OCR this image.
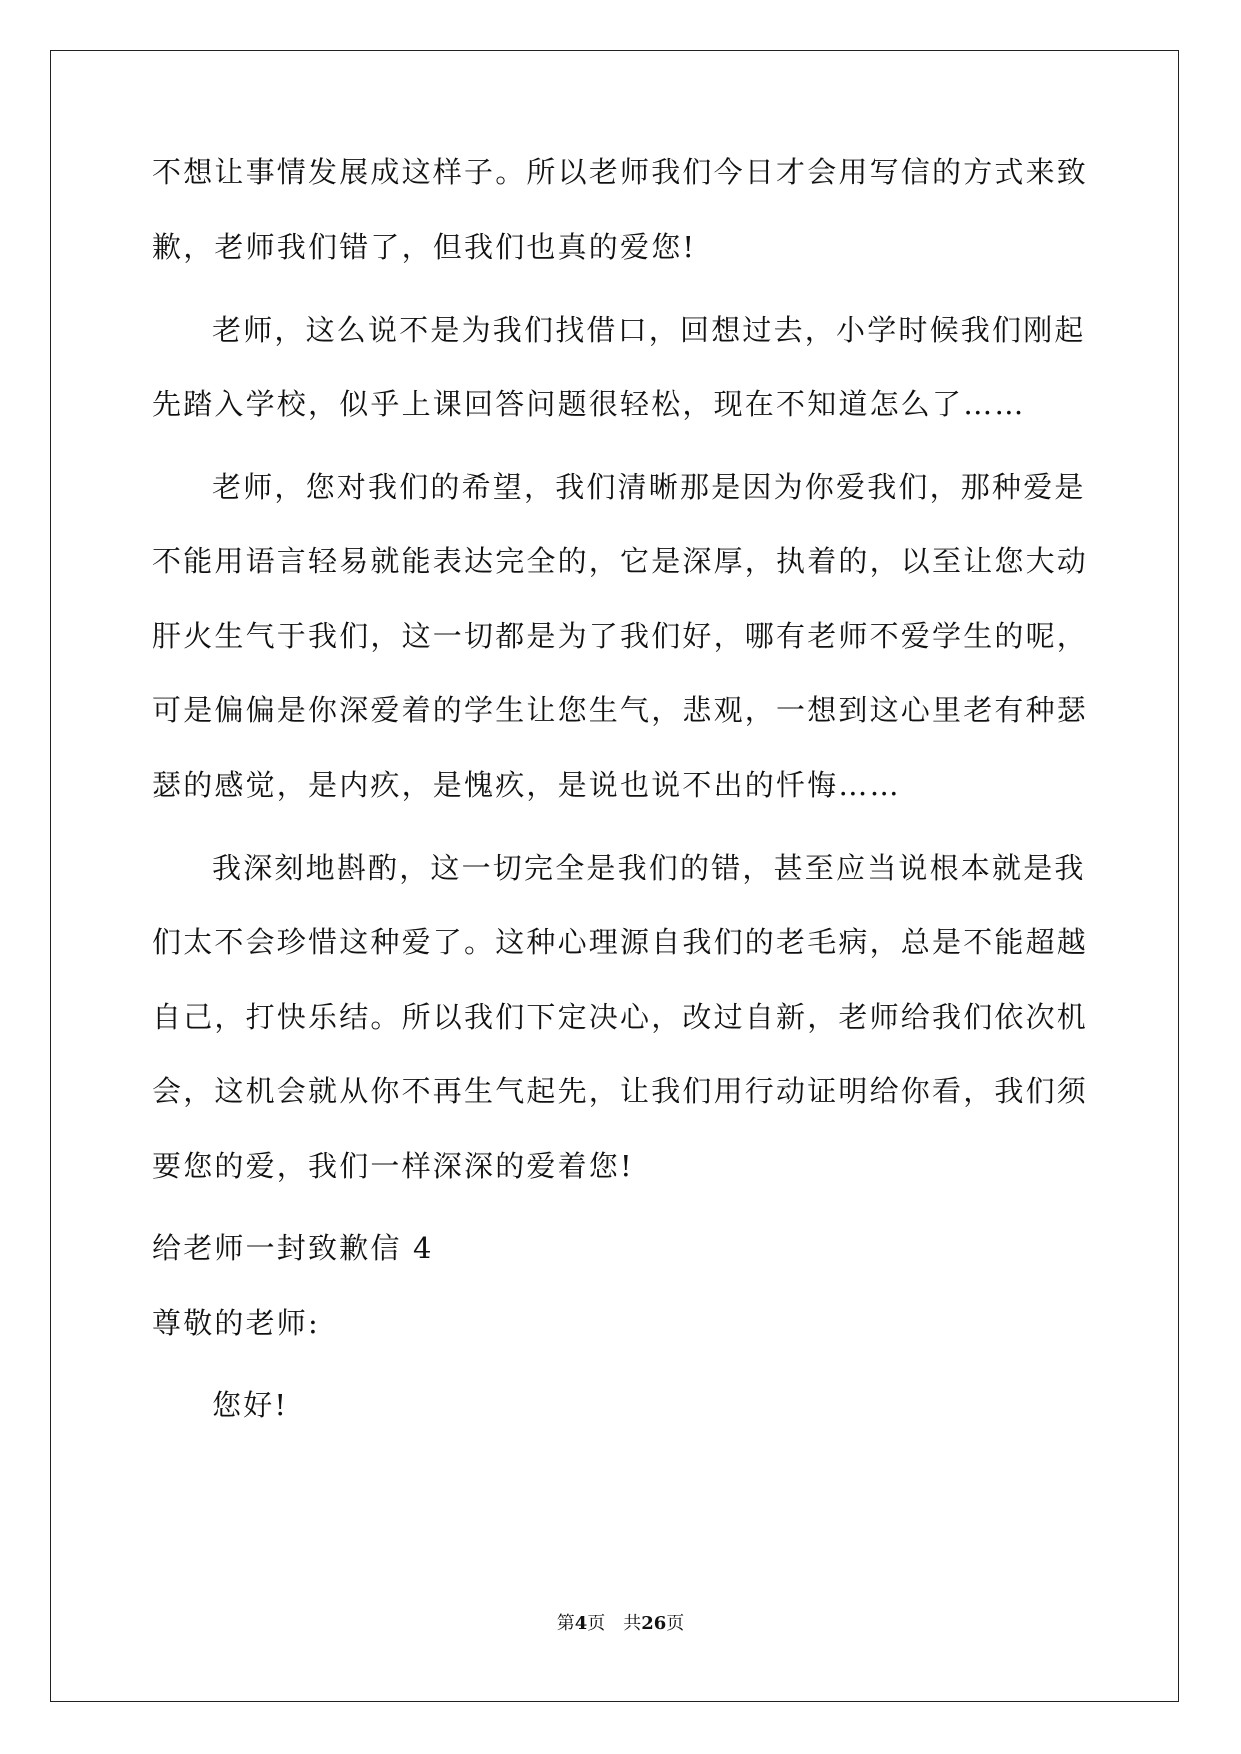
不想让事情发展成这样子。所以老师我们今日才会用写信的方式来致
歉，老师我们错了，但我们也真的爱您!
老师，这么说不是为我们找借口，回想过去，小学时候我们刚起
先踏入学校，似乎上课回答问题很轻松，现在不知道怎么了……
老师，您对我们的希望，我们清晰那是因为你爱我们，那种爱是
不能用语言轻易就能表达完全的，它是深厚，执着的，以至让您大动
肝火生气于我们，这一切都是为了我们好，哪有老师不爱学生的呢，
可是偏偏是你深爱着的学生让您生气，悲观，一想到这心里老有种瑟
瑟的感觉，是内疚，是愧疚，是说也说不出的忏悔……
我深刻地斟酌，这一切完全是我们的错，甚至应当说根本就是我
们太不会珍惜这种爱了。这种心理源自我们的老毛病，总是不能超越
自己，打快乐结。所以我们下定决心，改过自新，老师给我们依次机
会，这机会就从你不再生气起先，让我们用行动证明给你看，我们须
要您的爱，我们一样深深的爱着您!
给老师一封致歉信 4
尊敬的老师:
您好!
第4页 共26页
